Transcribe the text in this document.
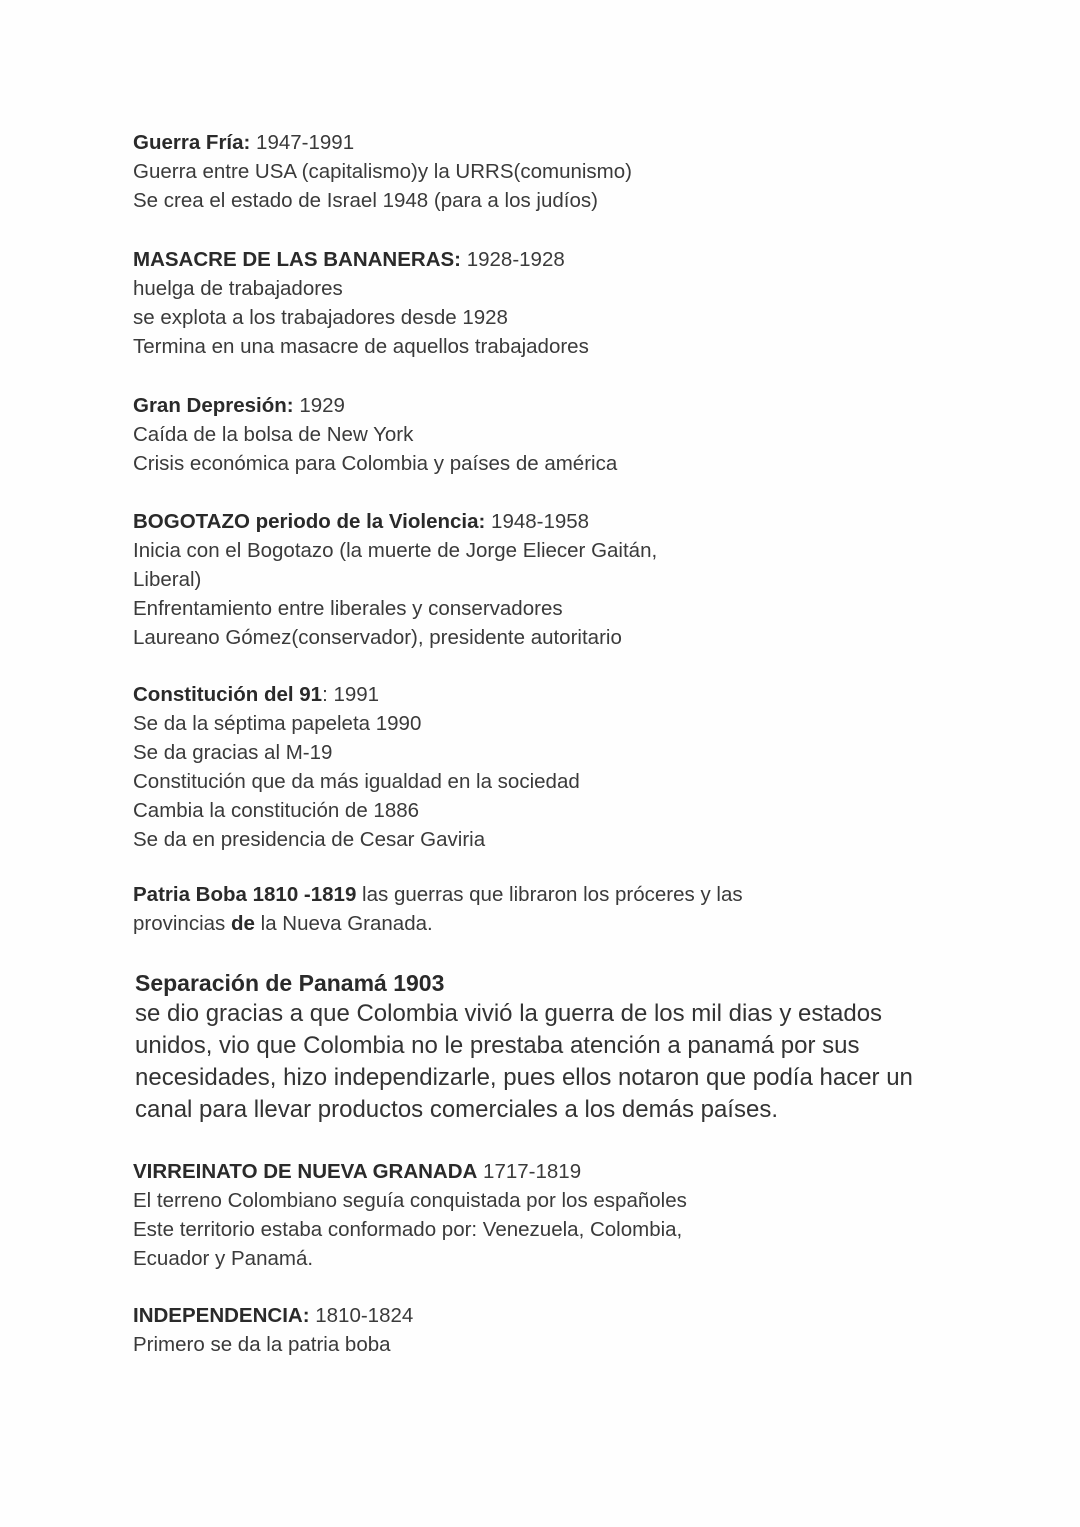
Guerra Fría: 1947-1991
Guerra entre USA (capitalismo)y la URRS(comunismo)
Se crea el estado de Israel 1948 (para a los judíos)
MASACRE DE LAS BANANERAS: 1928-1928
huelga de trabajadores
se explota a los trabajadores desde 1928
Termina en una masacre de aquellos trabajadores
Gran Depresión: 1929
Caída de la bolsa de New York
Crisis económica para Colombia y países de américa
BOGOTAZO periodo de la Violencia: 1948-1958
Inicia con el Bogotazo (la muerte de Jorge Eliecer Gaitán,
Liberal)
Enfrentamiento entre liberales y conservadores
Laureano Gómez(conservador), presidente autoritario
Constitución del 91: 1991
Se da la séptima papeleta 1990
Se da gracias al M-19
Constitución que da más igualdad en la sociedad
Cambia la constitución de 1886
Se da en presidencia de Cesar Gaviria
Patria Boba 1810 -1819 las guerras que libraron los próceres y las
provincias de la Nueva Granada.
Separación de Panamá 1903
se dio gracias a que Colombia vivió la guerra de los mil dias y estados
unidos, vio que Colombia no le prestaba atención a panamá por sus
necesidades, hizo independizarle, pues ellos notaron que podía hacer un
canal para llevar productos comerciales a los demás países.
VIRREINATO DE NUEVA GRANADA 1717-1819
El terreno Colombiano seguía conquistada por los españoles
Este territorio estaba conformado por: Venezuela, Colombia,
Ecuador y Panamá.
INDEPENDENCIA: 1810-1824
Primero se da la patria boba
